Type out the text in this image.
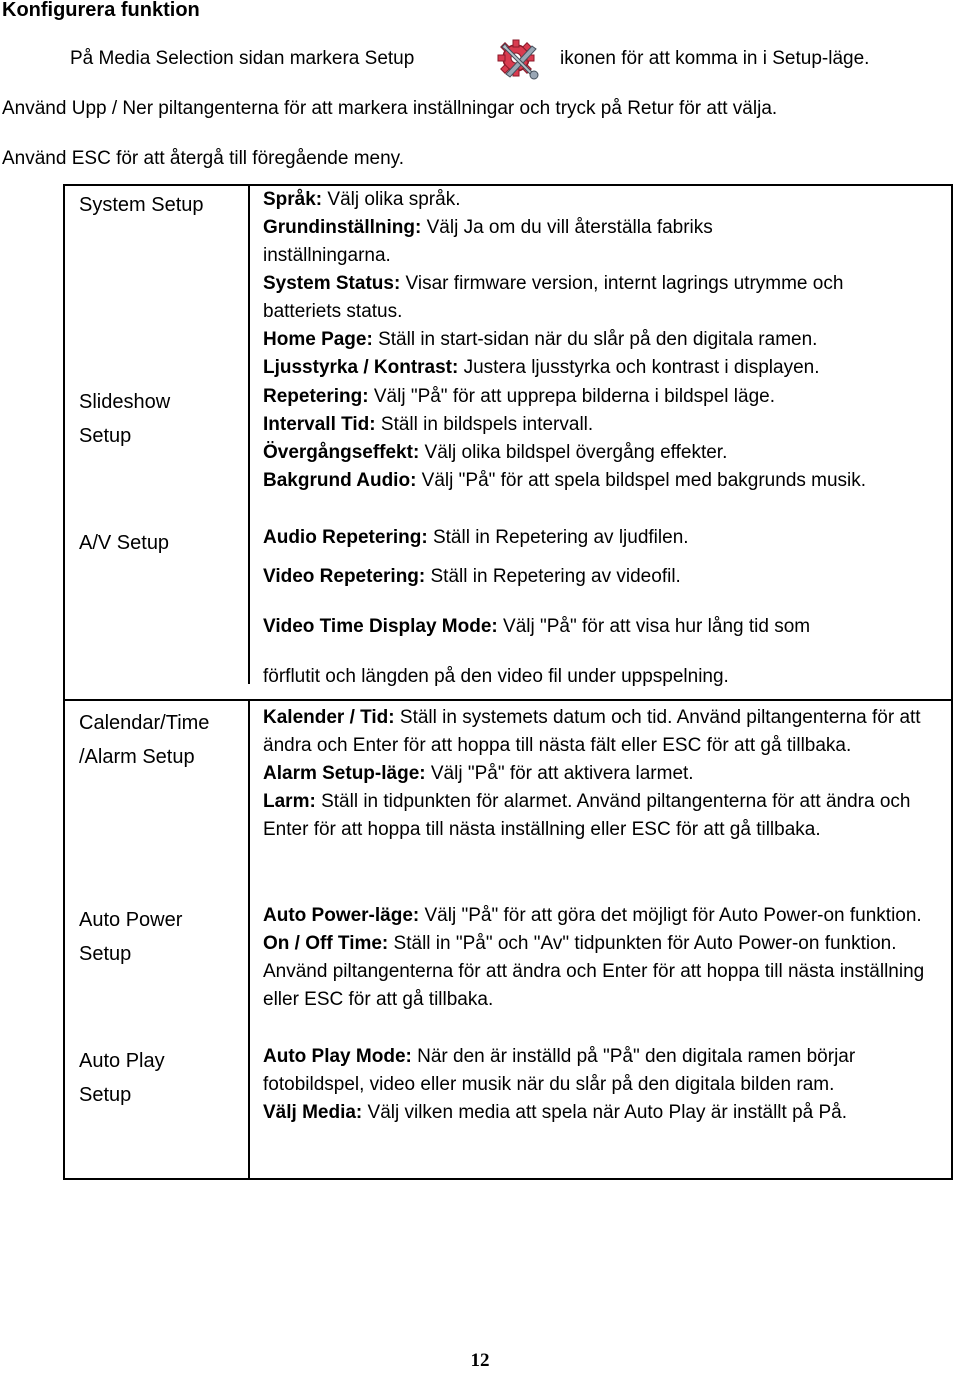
Konfigurera funktion
På Media Selection sidan markera Setup	ikonen för att komma in i Setup-läge.
Använd Upp / Ner piltangenterna för att markera inställningar och tryck på Retur för att välja.
Använd ESC för att återgå till föregående meny.
System Setup
Slideshow
Setup
A/V Setup
Calendar/Time
/Alarm Setup
Auto Power
Setup
Auto Play
Setup

Språk: Välj olika språk.

Grundinställning: Välj Ja om du vill återställa fabriks inställningarna.

System Status: Visar firmware version, internt lagrings utrymme och batteriets status.

Home Page: Ställ in start-sidan när du slår på den digitala ramen.

Ljusstyrka / Kontrast: Justera ljusstyrka och kontrast i displayen.

Repetering: Välj "På" för att upprepa bilderna i bildspel läge.

Intervall Tid: Ställ in bildspels intervall.

Övergångseffekt: Välj olika bildspel övergång effekter.

Bakgrund Audio: Välj "På" för att spela bildspel med bakgrunds musik.

Audio Repetering: Ställ in Repetering av ljudfilen.

Video Repetering: Ställ in Repetering av videofil.

Video Time Display Mode: Välj "På" för att visa hur lång tid som

förflutit och längden på den video fil under uppspelning.

Kalender / Tid: Ställ in systemets datum och tid. Använd piltangenterna för att ändra och Enter för att hoppa till nästa fält eller ESC för att gå tillbaka.

Alarm Setup-läge: Välj "På" för att aktivera larmet.

Larm: Ställ in tidpunkten för alarmet. Använd piltangenterna för att ändra och Enter för att hoppa till nästa inställning eller ESC för att gå tillbaka.

Auto Power-läge: Välj "På" för att göra det möjligt för Auto Power-on funktion.

On / Off Time: Ställ in "På" och "Av" tidpunkten för Auto Power-on funktion. Använd piltangenterna för att ändra och Enter för att hoppa till nästa inställning eller ESC för att gå tillbaka.

Auto Play Mode: När den är inställd på "På" den digitala ramen börjar fotobildspel, video eller musik när du slår på den digitala bilden ram.

Välj Media: Välj vilken media att spela när Auto Play är inställt på På.

12
